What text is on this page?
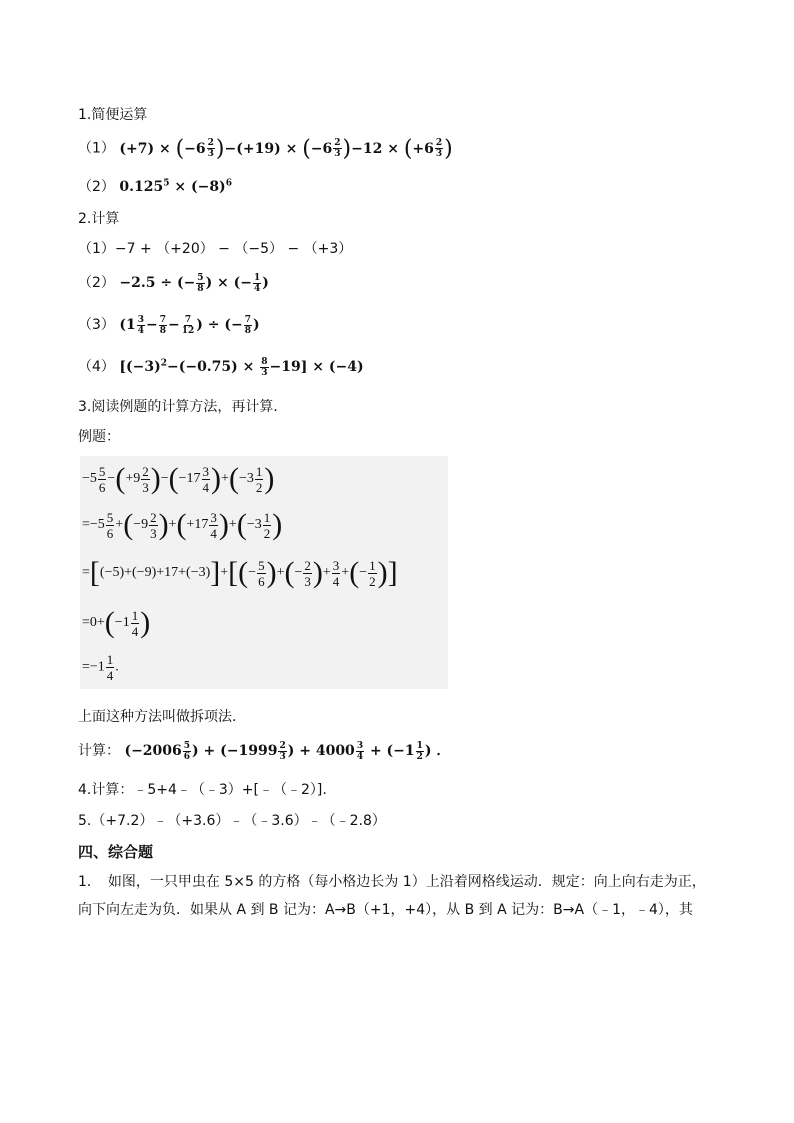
1.简便运算
（1） $(+7) \times (-6 \frac{2}{3} )-(+19) \times (-6 \frac{2}{3} )-12 \times (+6 \frac{2}{3}$ )
（2） $0.125^5 \times (-8)^6$
2.计算
（1）−7 + （+20） − （−5） − （+3）
（2） −2.5 ÷ (− $\frac{5}{8}$ ) × (− $\frac{1}{4}$ )
（3） ($1 \frac{3}{4} - \frac{7}{8} - \frac{7}{12}$ ) ÷ (− $\frac{7}{8}$ )
（4） $[(-3)^2-(-0.75) \times \frac{8}{3} -19] \times (-4)$
3.阅读例题的计算方法，再计算．
例题：
$-5 \frac{5}{6} -(+9 \frac{2}{3} )-(-17 \frac{3}{4} )+(-3 \frac{1}{2}$ )
$=-5 \frac{5}{6} +(-9 \frac{2}{3} )+(+17 \frac{3}{4} )+(-3 \frac{1}{2}$ )
$=[(-5)+(-9)+17+(-3)]+[(- \frac{5}{6}$ )+(− $\frac{2}{3}$ )+ $\frac{3}{4}$ +(− $\frac{1}{2}$ )]
$=0+(-1 \frac{1}{4}$ )
$=-1 \frac{1}{4}$ .
上面这种方法叫做拆项法．
计算： ($-2006 \frac{5}{6}$ ) + ($-1999 \frac{2}{3}$ ) + $4000 \frac{3}{4} + (-1 \frac{1}{2}$ ) ．
4.计算：﹣5+4﹣（﹣3）+[﹣（﹣2）].
5.（+7.2）﹣（+3.6）﹣（﹣3.6）﹣（﹣2.8）
四、综合题
1．　如图，一只甲虫在 5×5 的方格（每小格边长为 1）上沿着网格线运动．规定：向上向右走为正，向下向左走为负．如果从 A 到 B 记为：A→B（+1，+4），从 B 到 A 记为：B→A（﹣1，﹣4），其
